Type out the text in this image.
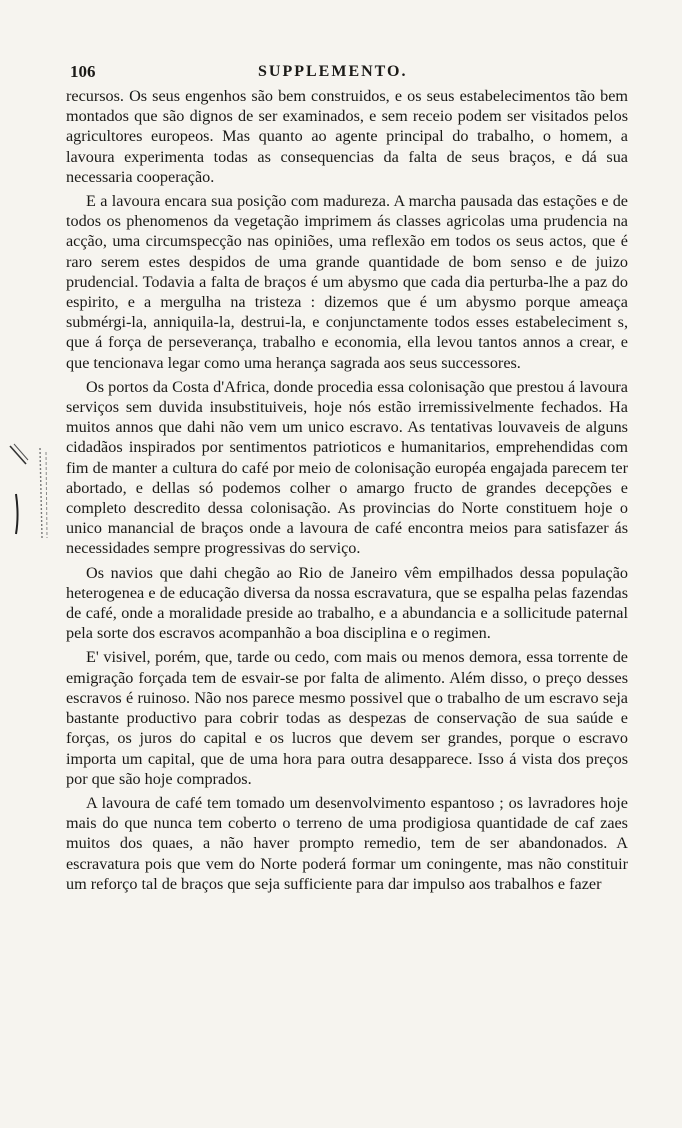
106	SUPPLEMENTO.

recursos. Os seus engenhos são bem construidos, e os seus estabelecimentos tão bem montados que são dignos de ser examinados, e sem receio podem ser visitados pelos agricultores europeos. Mas quanto ao agente principal do trabalho, o homem, a lavoura experimenta todas as consequencias da falta de seus braços, e dá sua necessaria cooperação.

E a lavoura encara sua posição com madureza. A marcha pausada das estações e de todos os phenomenos da vegetação imprimem ás classes agricolas uma prudencia na acção, uma circumspecção nas opiniões, uma reflexão em todos os seus actos, que é raro serem estes despidos de uma grande quantidade de bom senso e de juizo prudencial. Todavia a falta de braços é um abysmo que cada dia perturba-lhe a paz do espirito, e a mergulha na tristeza : dizemos que é um abysmo porque ameaça submérgi-la, anniquila-la, destrui-la, e conjunctamente todos esses estabeleciment s, que á força de perseverança, trabalho e economia, ella levou tantos annos a crear, e que tencionava legar como uma herança sagrada aos seus successores.

Os portos da Costa d'Africa, donde procedia essa colonisação que prestou á lavoura serviços sem duvida insubstituiveis, hoje nós estão irremissivelmente fechados. Ha muitos annos que dahi não vem um unico escravo. As tentativas louvaveis de alguns cidadãos inspirados por sentimentos patrioticos e humanitarios, emprehendidas com fim de manter a cultura do café por meio de colonisação européa engajada parecem ter abortado, e dellas só podemos colher o amargo fructo de grandes decepções e completo descredito dessa colonisação. As provincias do Norte constituem hoje o unico manancial de braços onde a lavoura de café encontra meios para satisfazer ás necessidades sempre progressivas do serviço.

Os navios que dahi chegão ao Rio de Janeiro vêm empilhados dessa população heterogenea e de educação diversa da nossa escravatura, que se espalha pelas fazendas de café, onde a moralidade preside ao trabalho, e a abundancia e a sollicitude paternal pela sorte dos escravos acompanhão a boa disciplina e o regimen.

E' visivel, porém, que, tarde ou cedo, com mais ou menos demora, essa torrente de emigração forçada tem de esvair-se por falta de alimento. Além disso, o preço desses escravos é ruinoso. Não nos parece mesmo possivel que o trabalho de um escravo seja bastante productivo para cobrir todas as despezas de conservação de sua saúde e forças, os juros do capital e os lucros que devem ser grandes, porque o escravo importa um capital, que de uma hora para outra desapparece. Isso á vista dos preços por que são hoje comprados.

A lavoura de café tem tomado um desenvolvimento espantoso ; os lavradores hoje mais do que nunca tem coberto o terreno de uma prodigiosa quantidade de caf zaes muitos dos quaes, a não haver prompto remedio, tem de ser abandonados. A escravatura pois que vem do Norte poderá formar um coningente, mas não constituir um reforço tal de braços que seja sufficiente para dar impulso aos trabalhos e fazer
